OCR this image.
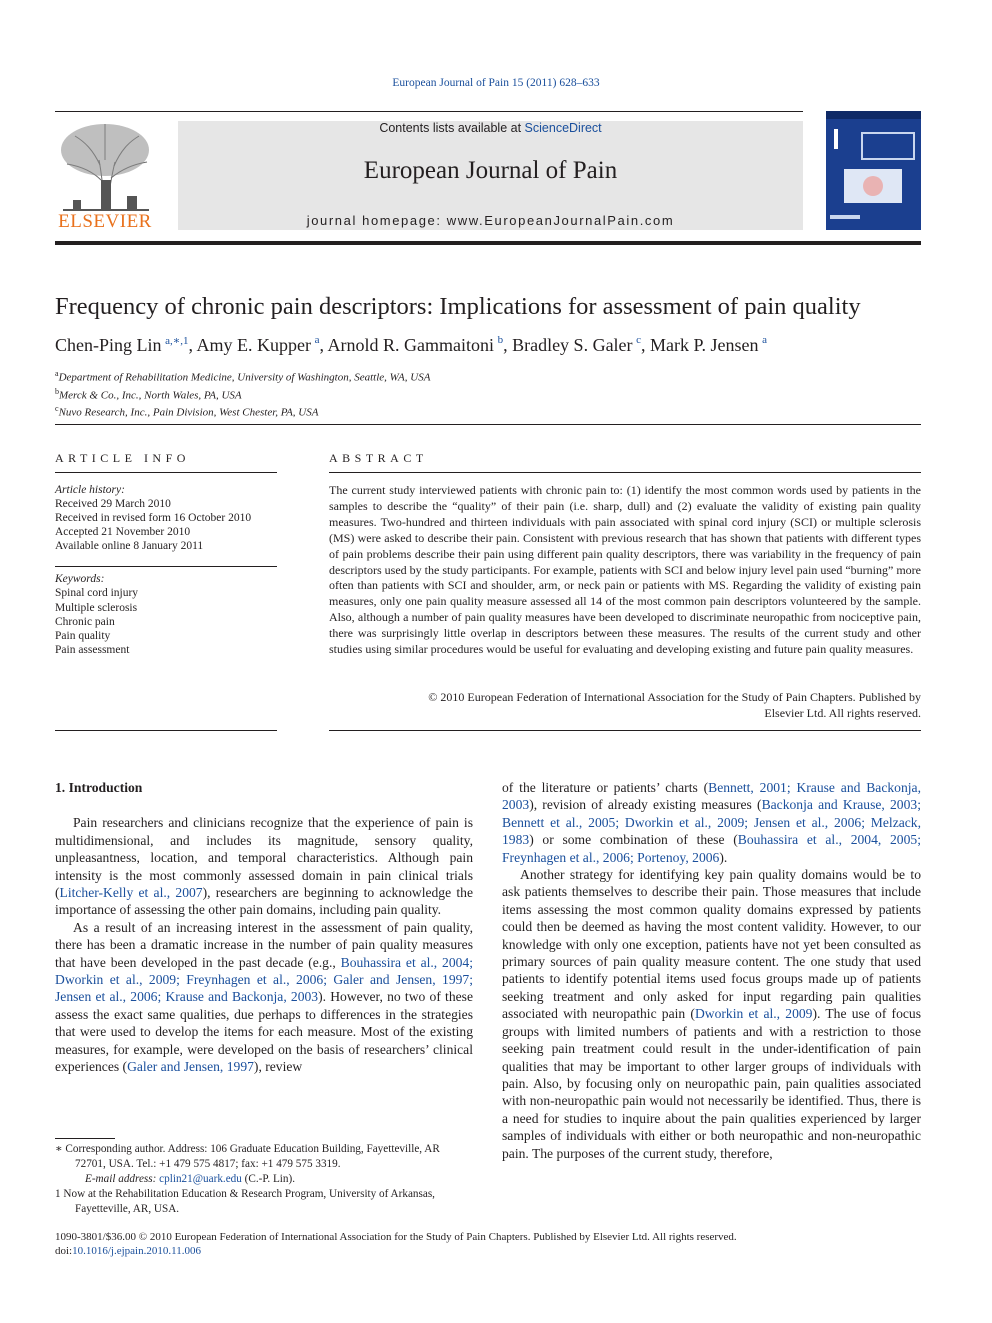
European Journal of Pain 15 (2011) 628–633
ELSEVIER
Contents lists available at ScienceDirect
European Journal of Pain
journal homepage: www.EuropeanJournalPain.com
Frequency of chronic pain descriptors: Implications for assessment of pain quality
Chen-Ping Lin  $^{a,∗,1}$, Amy E. Kupper  $^a$, Arnold R. Gammaitoni  $^b$, Bradley S. Galer  $^c$, Mark P. Jensen  $^a$
$^a$Department of Rehabilitation Medicine, University of Washington, Seattle, WA, USA
$^b$Merck & Co., Inc., North Wales, PA, USA
$^c$Nuvo Research, Inc., Pain Division, West Chester, PA, USA
ARTICLE INFO	ABSTRACT
Article history:
Received 29 March 2010
Received in revised form 16 October 2010
Accepted 21 November 2010
Available online 8 January 2011
Keywords:
Spinal cord injury
Multiple sclerosis
Chronic pain
Pain quality
Pain assessment
The current study interviewed patients with chronic pain to: (1) identify the most common words used by patients in the samples to describe the “quality” of their pain (i.e. sharp, dull) and (2) evaluate the validity of existing pain quality measures. Two-hundred and thirteen individuals with pain associated with spinal cord injury (SCI) or multiple sclerosis (MS) were asked to describe their pain. Consistent with previous research that has shown that patients with different types of pain problems describe their pain using different pain quality descriptors, there was variability in the frequency of pain descriptors used by the study participants. For example, patients with SCI and below injury level pain used “burning” more often than patients with SCI and shoulder, arm, or neck pain or patients with MS. Regarding the validity of existing pain measures, only one pain quality measure assessed all 14 of the most common pain descriptors volunteered by the sample. Also, although a number of pain quality measures have been developed to discriminate neuropathic from nociceptive pain, there was surprisingly little overlap in descriptors between these measures. The results of the current study and other studies using similar procedures would be useful for evaluating and developing existing and future pain quality measures.
© 2010 European Federation of International Association for the Study of Pain Chapters. Published by
Elsevier Ltd. All rights reserved.

1. Introduction

Pain researchers and clinicians recognize that the experience of pain is multidimensional, and includes its magnitude, sensory quality, unpleasantness, location, and temporal characteristics. Although pain intensity is the most commonly assessed domain in pain clinical trials (Litcher-Kelly et al., 2007), researchers are beginning to acknowledge the importance of assessing the other pain domains, including pain quality.

As a result of an increasing interest in the assessment of pain quality, there has been a dramatic increase in the number of pain quality measures that have been developed in the past decade (e.g., Bouhassira et al., 2004; Dworkin et al., 2009; Freynhagen et al., 2006; Galer and Jensen, 1997; Jensen et al., 2006; Krause and Backonja, 2003). However, no two of these assess the exact same qualities, due perhaps to differences in the strategies that were used to develop the items for each measure. Most of the existing measures, for example, were developed on the basis of researchers’ clinical experiences (Galer and Jensen, 1997), review

of the literature or patients’ charts (Bennett, 2001; Krause and Backonja, 2003), revision of already existing measures (Backonja and Krause, 2003; Bennett et al., 2005; Dworkin et al., 2009; Jensen et al., 2006; Melzack, 1983) or some combination of these (Bouhassira et al., 2004, 2005; Freynhagen et al., 2006; Portenoy, 2006).

Another strategy for identifying key pain quality domains would be to ask patients themselves to describe their pain. Those measures that include items assessing the most common quality domains expressed by patients could then be deemed as having the most content validity. However, to our knowledge with only one exception, patients have not yet been consulted as primary sources of pain quality measure content. The one study that used patients to identify potential items used focus groups made up of patients seeking treatment and only asked for input regarding pain qualities associated with neuropathic pain (Dworkin et al., 2009). The use of focus groups with limited numbers of patients and with a restriction to those seeking pain treatment could result in the under-identification of pain qualities that may be important to other larger groups of individuals with pain. Also, by focusing only on neuropathic pain, pain qualities associated with non-neuropathic pain would not necessarily be identified. Thus, there is a need for studies to inquire about the pain qualities experienced by larger samples of individuals with either or both neuropathic and non-neuropathic pain. The purposes of the current study, therefore,

∗ Corresponding author. Address: 106 Graduate Education Building, Fayetteville, AR 72701, USA. Tel.: +1 479 575 4817; fax: +1 479 575 3319.

E-mail address: cplin21@uark.edu (C.-P. Lin).

1 Now at the Rehabilitation Education & Research Program, University of Arkansas, Fayetteville, AR, USA.

1090-3801/$36.00 © 2010 European Federation of International Association for the Study of Pain Chapters. Published by Elsevier Ltd. All rights reserved.
doi:10.1016/j.ejpain.2010.11.006
